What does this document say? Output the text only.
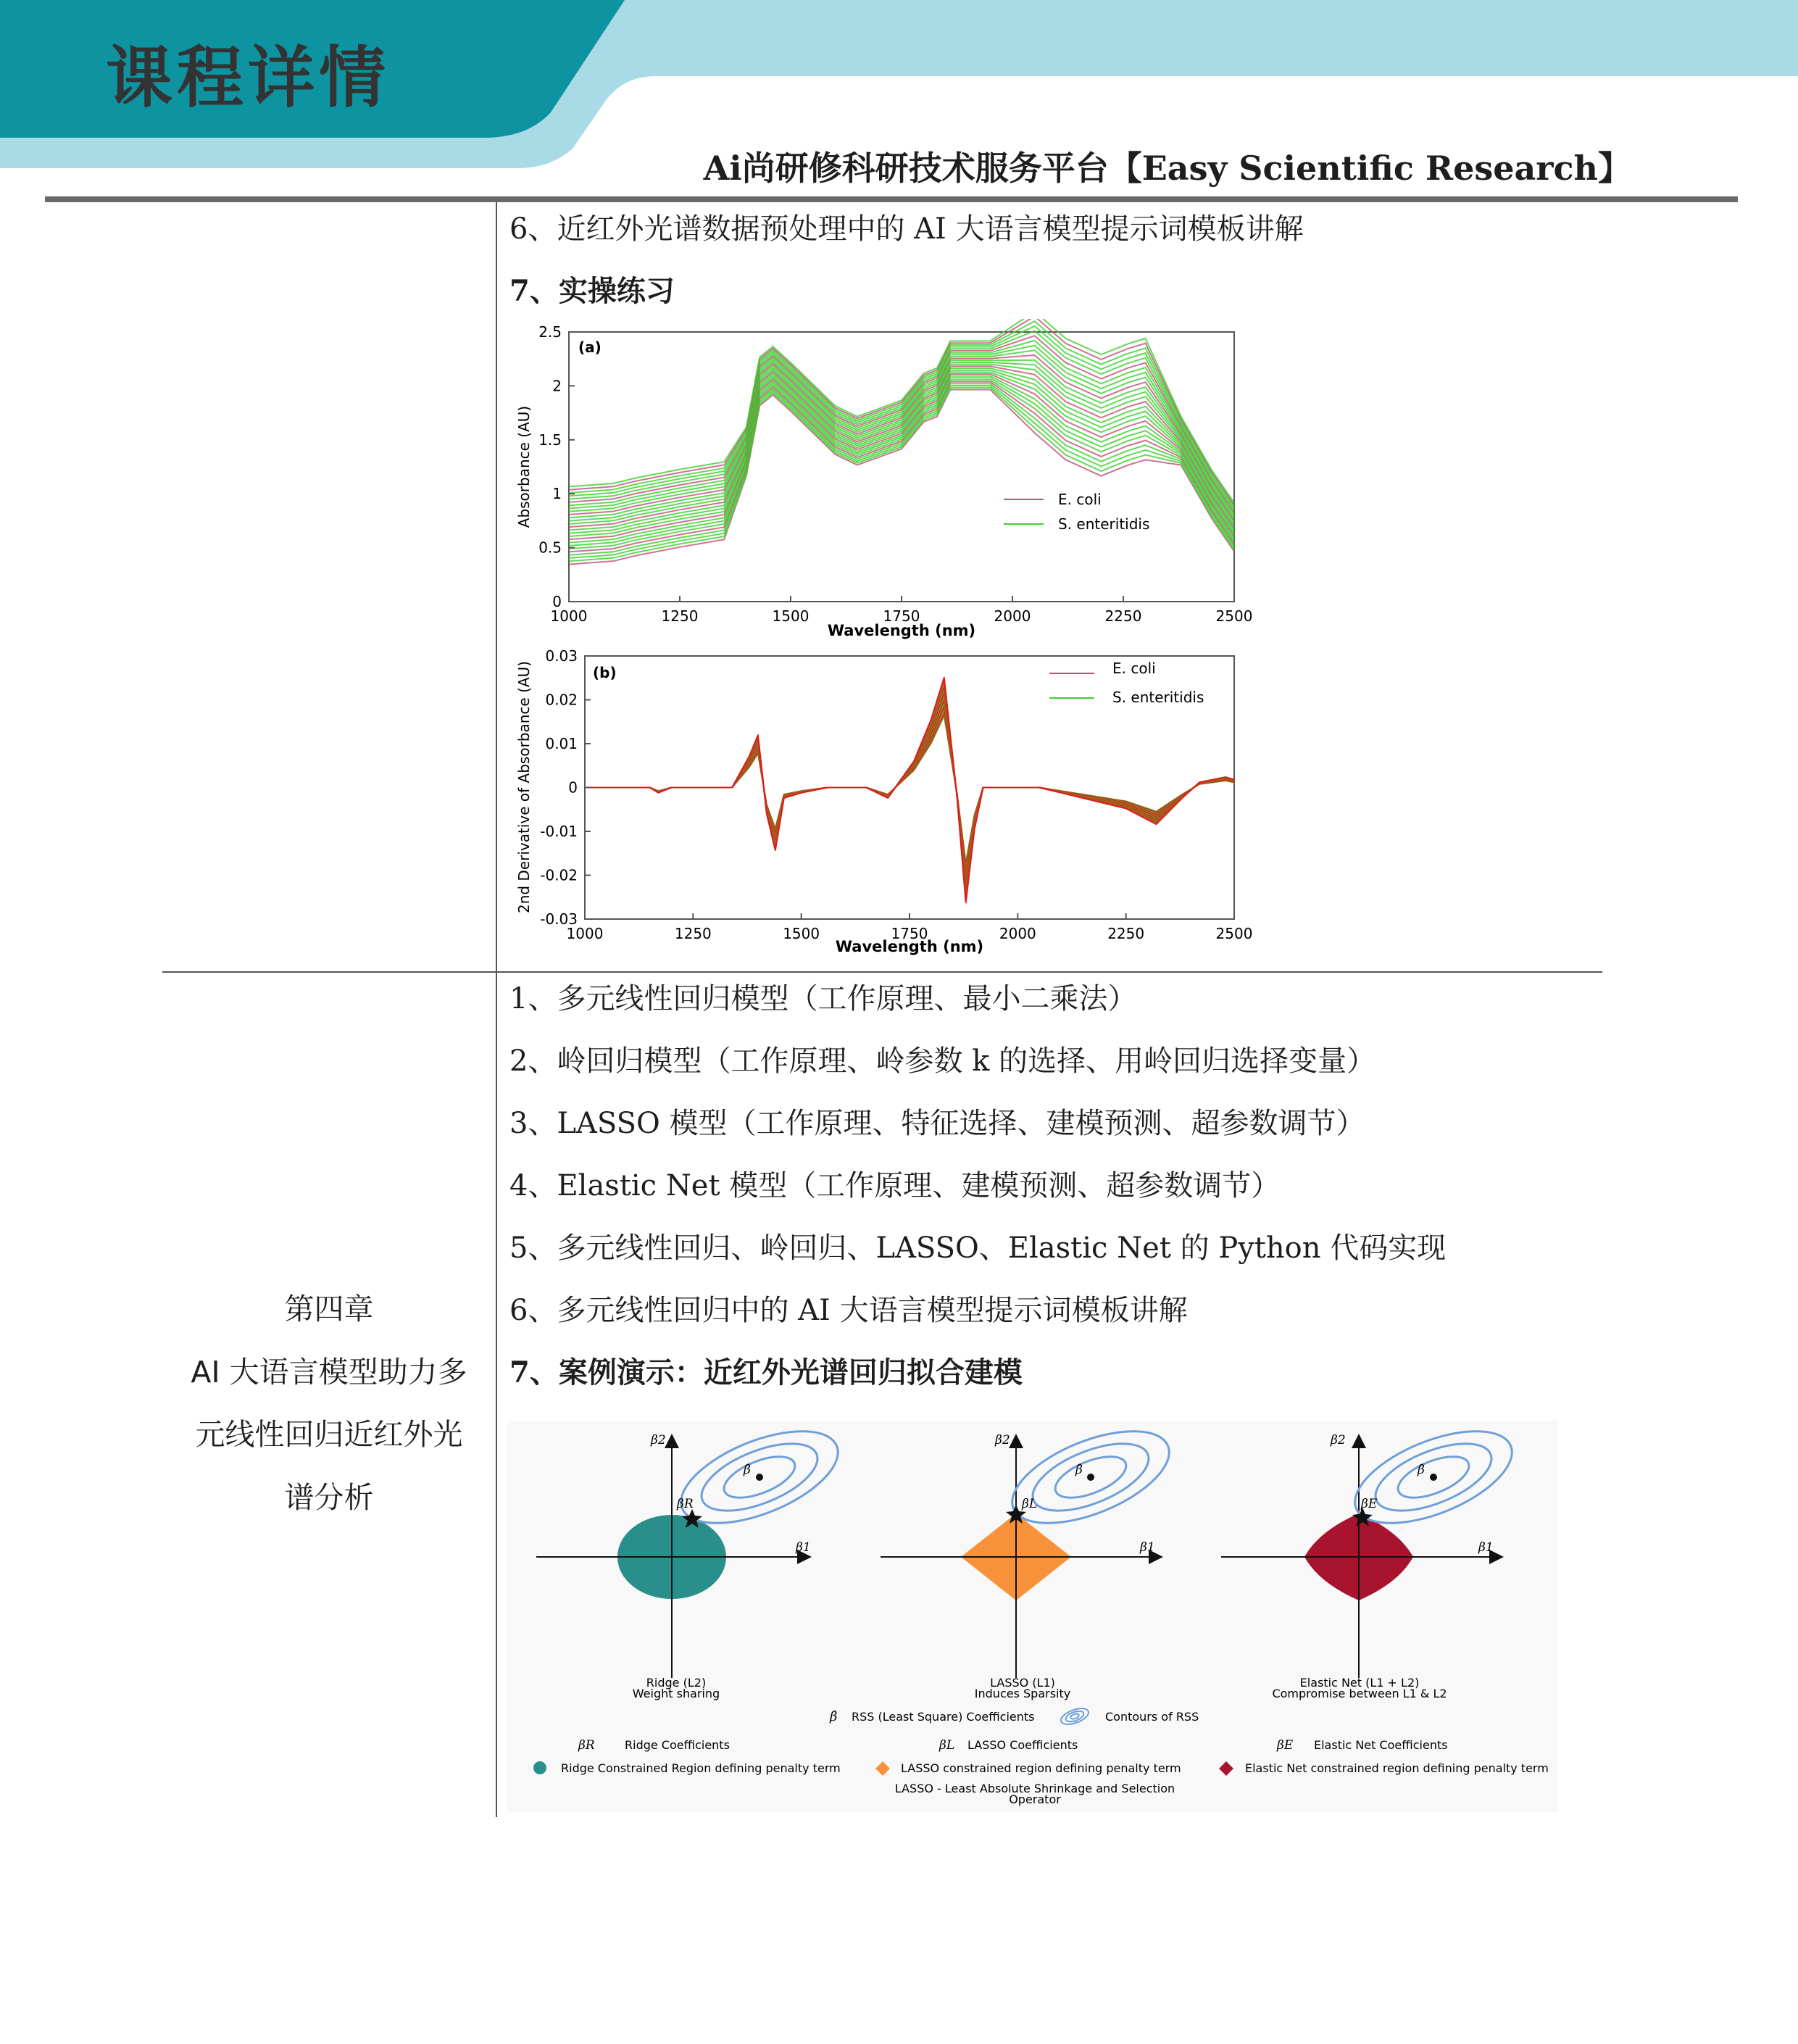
课程详情
Ai尚研修科研技术服务平台【Easy Scientific Research】
6、近红外光谱数据预处理中的 AI 大语言模型提示词模板讲解
7、实操练习
(a)
1000	1250	1500	1750	2000	2250	2500
0
0.5
1
1.5
2
2.5
Wavelength (nm)
Absorbance (AU)	E. coli
S. enteritidis
(b)
1000	1250	1500	1750	2000	2250	2500
-0.03
-0.02
-0.01
0
0.01
0.02
0.03
Wavelength (nm)
2nd Derivative of Absorbance (AU)	E. coli
S. enteritidis
第四章
AI 大语言模型助力多
元线性回归近红外光
谱分析
1、多元线性回归模型（工作原理、最小二乘法）
2、岭回归模型（工作原理、岭参数 k 的选择、用岭回归选择变量）
3、LASSO 模型（工作原理、特征选择、建模预测、超参数调节）
4、Elastic Net 模型（工作原理、建模预测、超参数调节）
5、多元线性回归、岭回归、LASSO、Elastic Net 的 Python 代码实现
6、多元线性回归中的 AI 大语言模型提示词模板讲解
7、案例演示：近红外光谱回归拟合建模
β̂
βR
β1
β2
Ridge (L2)
Weight sharing
β̂
βL
β1
β2
LASSO (L1)
Induces Sparsity
β̂
βE
β1
β2
Elastic Net (L1 + L2)
Compromise between L1 & L2
β̂ RSS (Least Square) Coefficients	Contours of RSS
βR	Ridge Coefficients	βL LASSO Coefficients	βE Elastic Net Coefficients
Ridge Constrained Region defining penalty term	LASSO constrained region defining penalty term	Elastic Net constrained region defining penalty term
LASSO - Least Absolute Shrinkage and Selection
Operator
